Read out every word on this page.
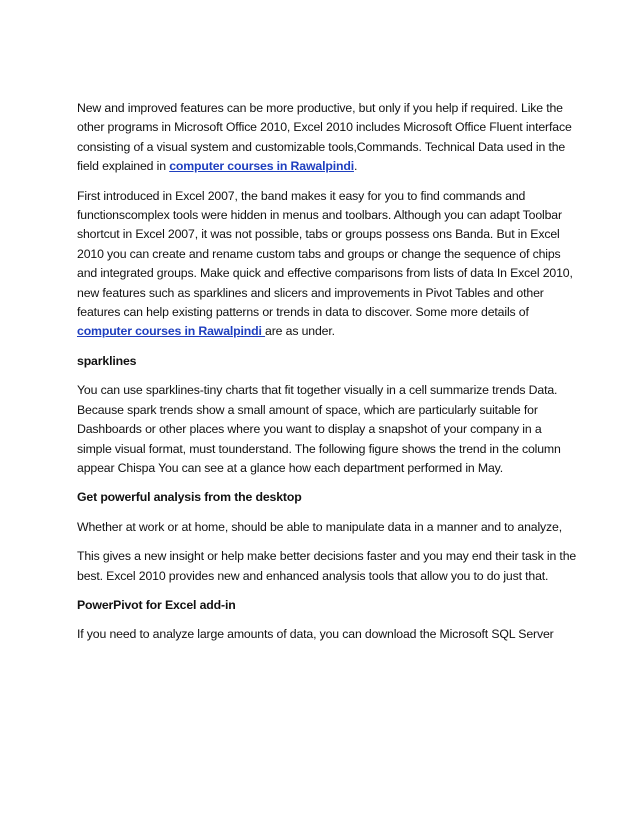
New and improved features can be more productive, but only if you help if required. Like the other programs in Microsoft Office 2010, Excel 2010 includes Microsoft Office Fluent interface consisting of a visual system and customizable tools,Commands. Technical Data used in the field explained in computer courses in Rawalpindi.

First introduced in Excel 2007, the band makes it easy for you to find commands and functionscomplex tools were hidden in menus and toolbars. Although you can adapt Toolbar shortcut in Excel 2007, it was not possible, tabs or groups possess ons Banda. But in Excel 2010 you can create and rename custom tabs and groups or change the sequence of chips and integrated groups. Make quick and effective comparisons from lists of data In Excel 2010, new features such as sparklines and slicers and improvements in Pivot Tables and other features can help existing patterns or trends in data to discover. Some more details of computer courses in Rawalpindi are as under.

sparklines

You can use sparklines-tiny charts that fit together visually in a cell summarize trends Data. Because spark trends show a small amount of space, which are particularly suitable for Dashboards or other places where you want to display a snapshot of your company in a simple visual format, must tounderstand. The following figure shows the trend in the column appear Chispa You can see at a glance how each department performed in May.

Get powerful analysis from the desktop

Whether at work or at home, should be able to manipulate data in a manner and to analyze,

This gives a new insight or help make better decisions faster and you may end their task in the best. Excel 2010 provides new and enhanced analysis tools that allow you to do just that.

PowerPivot for Excel add-in

If you need to analyze large amounts of data, you can download the Microsoft SQL Server
